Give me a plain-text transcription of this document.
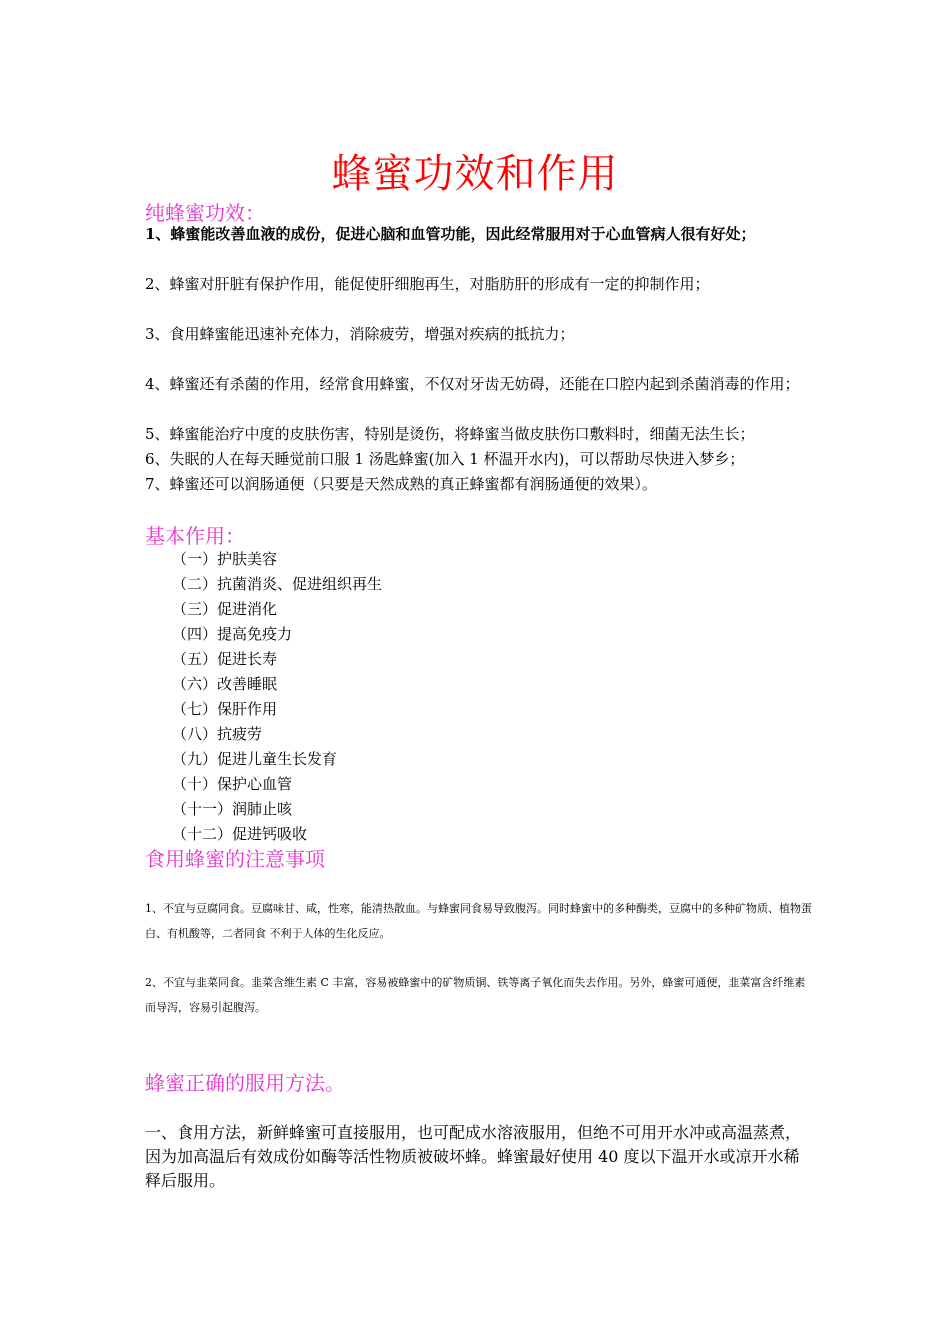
蜂蜜功效和作用
纯蜂蜜功效：
1、蜂蜜能改善血液的成份，促进心脑和血管功能，因此经常服用对于心血管病人很有好处；
2、蜂蜜对肝脏有保护作用，能促使肝细胞再生，对脂肪肝的形成有一定的抑制作用；
3、食用蜂蜜能迅速补充体力，消除疲劳，增强对疾病的抵抗力；
4、蜂蜜还有杀菌的作用，经常食用蜂蜜，不仅对牙齿无妨碍，还能在口腔内起到杀菌消毒的作用；
5、蜂蜜能治疗中度的皮肤伤害，特别是烫伤，将蜂蜜当做皮肤伤口敷料时，细菌无法生长；
6、失眠的人在每天睡觉前口服 1 汤匙蜂蜜(加入 1 杯温开水内)，可以帮助尽快进入梦乡；
7、蜂蜜还可以润肠通便（只要是天然成熟的真正蜂蜜都有润肠通便的效果）。
基本作用：
（一）护肤美容
（二）抗菌消炎、促进组织再生
（三）促进消化
（四）提高免疫力
（五）促进长寿
（六）改善睡眠
（七）保肝作用
（八）抗疲劳
（九）促进儿童生长发育
（十）保护心血管
（十一）润肺止咳
（十二）促进钙吸收
食用蜂蜜的注意事项
1、不宜与豆腐同食。豆腐味甘、咸，性寒，能清热散血。与蜂蜜同食易导致腹泻。同时蜂蜜中的多种酶类，豆腐中的多种矿物质、植物蛋白、有机酸等，二者同食 不利于人体的生化反应。
2、不宜与韭菜同食。韭菜含维生素 C 丰富，容易被蜂蜜中的矿物质铜、铁等离子氧化而失去作用。另外，蜂蜜可通便，韭菜富含纤维素而导泻，容易引起腹泻。
蜂蜜正确的服用方法。
一、食用方法，新鲜蜂蜜可直接服用，也可配成水溶液服用，但绝不可用开水冲或高温蒸煮，因为加高温后有效成份如酶等活性物质被破坏蜂。蜂蜜最好使用 40 度以下温开水或凉开水稀释后服用。
